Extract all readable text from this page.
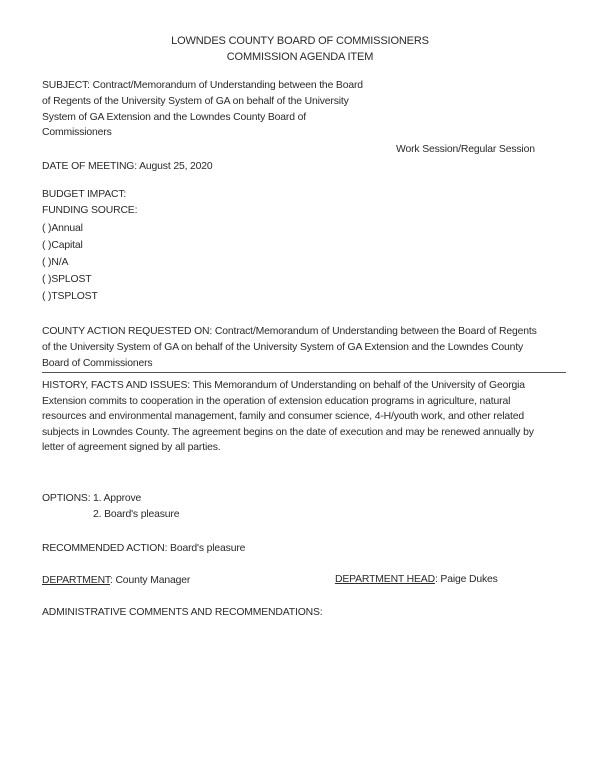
LOWNDES COUNTY BOARD OF COMMISSIONERS
COMMISSION AGENDA ITEM
SUBJECT: Contract/Memorandum of Understanding between the Board
of Regents of the University System of GA on behalf of the University
System of GA Extension and the Lowndes County Board of
Commissioners
Work Session/Regular Session
DATE OF MEETING: August 25, 2020
BUDGET IMPACT:
FUNDING SOURCE:
( )Annual
( )Capital
( )N/A
( )SPLOST
( )TSPLOST
COUNTY ACTION REQUESTED ON: Contract/Memorandum of Understanding between the Board of Regents
of the University System of GA on behalf of the University System of GA Extension and the Lowndes County
Board of Commissioners
HISTORY, FACTS AND ISSUES: This Memorandum of Understanding on behalf of the University of Georgia
Extension commits to cooperation in the operation of extension education programs in agriculture, natural
resources and environmental management, family and consumer science, 4-H/youth work, and other related
subjects in Lowndes County. The agreement begins on the date of execution and may be renewed annually by
letter of agreement signed by all parties.
OPTIONS: 1. Approve
2. Board's pleasure
RECOMMENDED ACTION: Board's pleasure
DEPARTMENT: County Manager	DEPARTMENT HEAD: Paige Dukes
ADMINISTRATIVE COMMENTS AND RECOMMENDATIONS:
